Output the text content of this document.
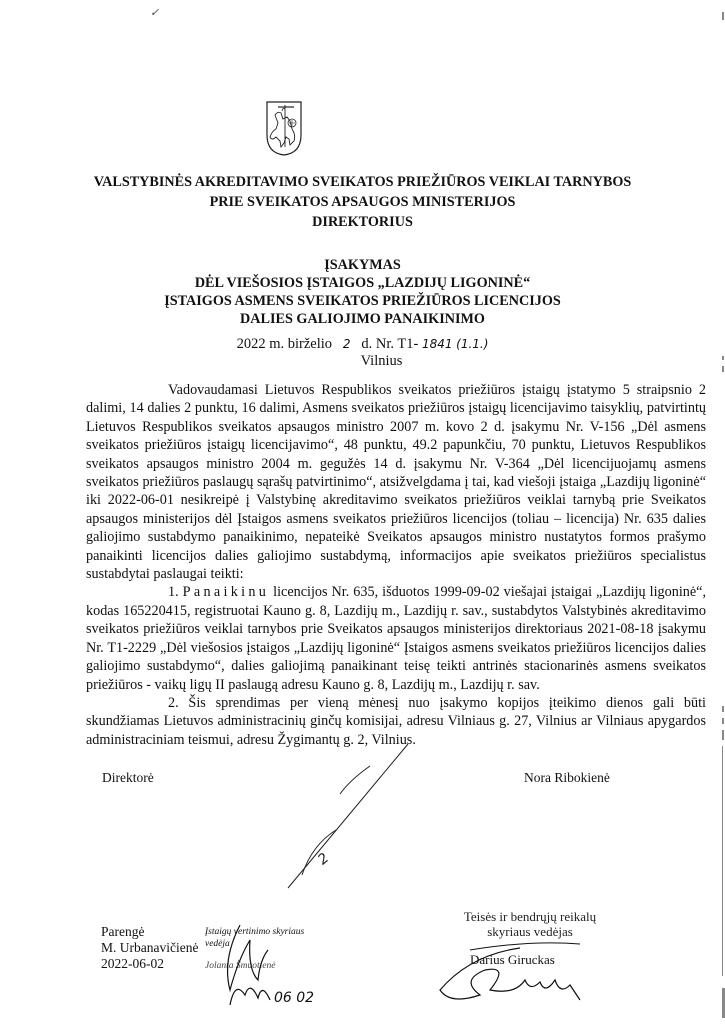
✓
VALSTYBINĖS AKREDITAVIMO SVEIKATOS PRIEŽIŪROS VEIKLAI TARNYBOS
PRIE SVEIKATOS APSAUGOS MINISTERIJOS
DIREKTORIUS
ĮSAKYMAS
DĖL VIEŠOSIOS ĮSTAIGOS „LAZDIJŲ LIGONINĖ“
ĮSTAIGOS ASMENS SVEIKATOS PRIEŽIŪROS LICENCIJOS
DALIES GALIOJIMO PANAIKINIMO
2022 m. birželio 2 d. Nr. T1- 1841 (1.1.)
Vilnius

Vadovaudamasi Lietuvos Respublikos sveikatos priežiūros įstaigų įstatymo 5 straipsnio 2 dalimi, 14 dalies 2 punktu, 16 dalimi, Asmens sveikatos priežiūros įstaigų licencijavimo taisyklių, patvirtintų Lietuvos Respublikos sveikatos apsaugos ministro 2007 m. kovo 2 d. įsakymu Nr. V-156 „Dėl asmens sveikatos priežiūros įstaigų licencijavimo“, 48 punktu, 49.2 papunkčiu, 70 punktu, Lietuvos Respublikos sveikatos apsaugos ministro 2004 m. gegužės 14 d. įsakymu Nr. V-364 „Dėl licencijuojamų asmens sveikatos priežiūros paslaugų sąrašų patvirtinimo“, atsižvelgdama į tai, kad viešoji įstaiga „Lazdijų ligoninė“ iki 2022-06-01 nesikreipė į Valstybinę akreditavimo sveikatos priežiūros veiklai tarnybą prie Sveikatos apsaugos ministerijos dėl Įstaigos asmens sveikatos priežiūros licencijos (toliau – licencija) Nr. 635 dalies galiojimo sustabdymo panaikinimo, nepateikė Sveikatos apsaugos ministro nustatytos formos prašymo panaikinti licencijos dalies galiojimo sustabdymą, informacijos apie sveikatos priežiūros specialistus sustabdytai paslaugai teikti:

1. Panaikinu licencijos Nr. 635, išduotos 1999-09-02 viešajai įstaigai „Lazdijų ligoninė“, kodas 165220415, registruotai Kauno g. 8, Lazdijų m., Lazdijų r. sav., sustabdytos Valstybinės akreditavimo sveikatos priežiūros veiklai tarnybos prie Sveikatos apsaugos ministerijos direktoriaus 2021-08-18 įsakymu Nr. T1-2229 „Dėl viešosios įstaigos „Lazdijų ligoninė“ Įstaigos asmens sveikatos priežiūros licencijos dalies galiojimo sustabdymo“, dalies galiojimą panaikinant teisę teikti antrinės stacionarinės asmens sveikatos priežiūros - vaikų ligų II paslaugą adresu Kauno g. 8, Lazdijų m., Lazdijų r. sav.

2. Šis sprendimas per vieną mėnesį nuo įsakymo kopijos įteikimo dienos gali būti skundžiamas Lietuvos administracinių ginčų komisijai, adresu Vilniaus g. 27, Vilnius ar Vilniaus apygardos administraciniam teismui, adresu Žygimantų g. 2, Vilnius.

Direktorė	Nora Ribokienė
2
Parengė
M. Urbanavičienė
2022-06-02
Įstaigų vertinimo skyriaus
vedėja
Jolanta Šmuotienė
06 02
Teisės ir bendrųjų reikalų
skyriaus vedėjas
Darius Giruckas
